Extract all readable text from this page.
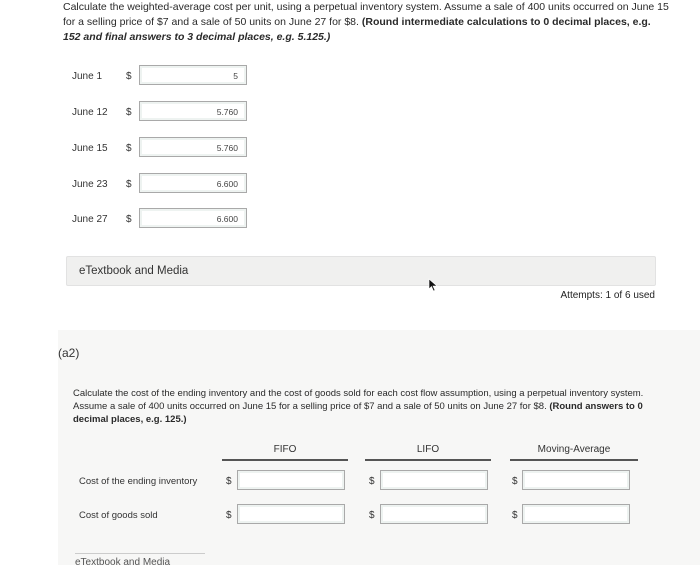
Calculate the weighted-average cost per unit, using a perpetual inventory system. Assume a sale of 400 units occurred on June 15
for a selling price of $7 and a sale of 50 units on June 27 for $8. (Round intermediate calculations to 0 decimal places, e.g.
152 and final answers to 3 decimal places, e.g. 5.125.)

June 1 $	5
June 12 $	5.760
June 15 $	5.760
June 23 $	6.600
June 27 $	6.600
eTextbook and Media
Attempts: 1 of 6 used
(a2)

Calculate the cost of the ending inventory and the cost of goods sold for each cost flow assumption, using a perpetual inventory system. Assume a sale of 400 units occurred on June 15 for a selling price of $7 and a sale of 50 units on June 27 for $8. (Round answers to 0 decimal places, e.g. 125.)

FIFO	LIFO	Moving-Average
Cost of the ending inventory	$	$	$
Cost of goods sold	$	$	$
eTextbook and Media
